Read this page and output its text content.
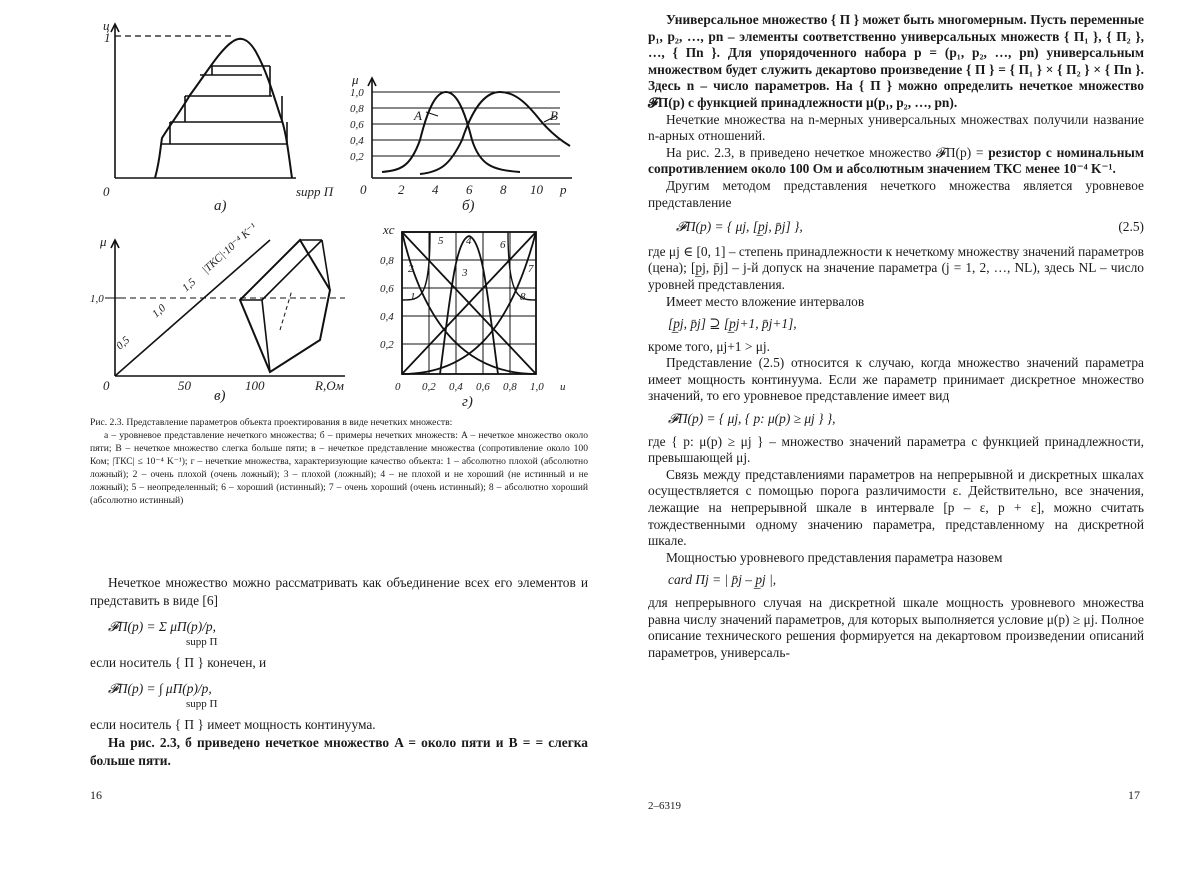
ц
1
0	supp П
а)
μ
1,0
0,8
0,6
0,4
0,2
0 2 4 6 8 10 р
A	B
б)
μ
1,0
0,5
1,0
1,5
|ТКС|·10⁻⁴ K⁻¹
0	50	100	R,Ом
в)
xc
0,8
0,6
0,4
0,2
0 0,2 0,4 0,6 0,8 1,0 u
1
2	3
4
5	6
7
8
г)

Рис. 2.3. Представление параметров объекта проектирования в виде нечетких множеств:

а – уровневое представление нечеткого множества; б – примеры нечетких множеств: A – нечеткое множество около пяти; B – нечеткое множество слегка больше пяти; в – нечеткое представление множества (сопротивление около 100 Ком; |ТКС| ≤ 10⁻⁴ K⁻¹); г – нечеткие множества, характеризующие качество объекта: 1 – абсолютно плохой (абсолютно ложный); 2 – очень плохой (очень ложный); 3 – плохой (ложный); 4 – не плохой и не хороший (не истинный и не ложный); 5 – неопределенный; 6 – хороший (истинный); 7 – очень хороший (очень истинный); 8 – абсолютно хороший (абсолютно истинный)

Нечеткое множество можно рассматривать как объединение всех его элементов и представить в виде [6]

𝓕П(p) = Σ μП(p)/p,

supp П

если носитель { П } конечен, и

𝓕П(p) = ∫ μП(p)/p,

supp П

если носитель { П } имеет мощность континуума.

На рис. 2.3, б приведено нечеткое множество A = около пяти и B = = слегка больше пяти.

16

Универсальное множество { П } может быть многомерным. Пусть переменные p₁, p₂, …, pn – элементы соответственно универсальных множеств { П₁ }, { П₂ }, …, { Пn }. Для упорядоченного набора p = (p₁, p₂, …, pn) универсальным множеством будет служить декартово произведение { П } = { П₁ } × { П₂ } × { Пn }. Здесь n – число параметров. На { П } можно определить нечеткое множество 𝓕П(p) с функцией принадлежности μ(p₁, p₂, …, pn).

Нечеткие множества на n-мерных универсальных множествах получили название n-арных отношений.

На рис. 2.3, в приведено нечеткое множество 𝓕П(p) = резистор с номинальным сопротивлением около 100 Ом и абсолютным значением ТКС менее 10⁻⁴ K⁻¹.

Другим методом представления нечеткого множества является уровневое представление

𝓕П(p) = { μj, [p̲j, p̄j] },	(2.5)

где μj ∈ [0, 1] – степень принадлежности к нечеткому множеству значений параметров (цена); [p̲j, p̄j] – j-й допуск на значение параметра (j = 1, 2, …, NL), здесь NL – число уровней представления.

Имеет место вложение интервалов

[p̲j, p̄j] ⊇ [p̲j+1, p̄j+1],

кроме того, μj+1 > μj.

Представление (2.5) относится к случаю, когда множество значений параметра имеет мощность континуума. Если же параметр принимает дискретное множество значений, то его уровневое представление имеет вид

𝓕П(p) = { μj, { p: μ(p) ≥ μj } },

где { p: μ(p) ≥ μj } – множество значений параметра с функцией принадлежности, превышающей μj.

Связь между представлениями параметров на непрерывной и дискретных шкалах осуществляется с помощью порога различимости ε. Действительно, все значения, лежащие на непрерывной шкале в интервале [p – ε, p + ε], можно считать тождественными одному значению параметра, представленному на дискретной шкале.

Мощностью уровневого представления параметра назовем

card Пj = | p̄j – p̲j |,

для непрерывного случая на дискретной шкале мощность уровневого множества равна числу значений параметров, для которых выполняется условие μ(p) ≥ μj. Полное описание технического решения формируется на декартовом произведении описаний параметров, универсаль-

2–6319
17
